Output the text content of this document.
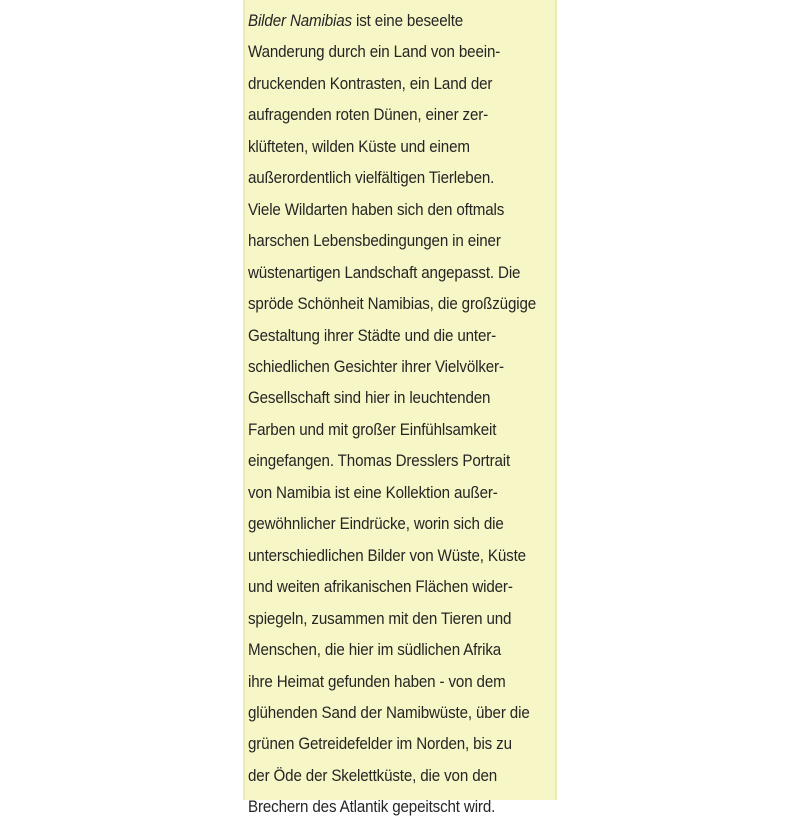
Bilder Namibias ist eine beseelte
Wanderung durch ein Land von beein-
druckenden Kontrasten, ein Land der
aufragenden roten Dünen, einer zer-
klüfteten, wilden Küste und einem
außerordentlich vielfältigen Tierleben.
Viele Wildarten haben sich den oftmals
harschen Lebensbedingungen in einer
wüstenartigen Landschaft angepasst. Die
spröde Schönheit Namibias, die großzügige
Gestaltung ihrer Städte und die unter-
schiedlichen Gesichter ihrer Vielvölker-
Gesellschaft sind hier in leuchtenden
Farben und mit großer Einfühlsamkeit
eingefangen. Thomas Dresslers Portrait
von Namibia ist eine Kollektion außer-
gewöhnlicher Eindrücke, worin sich die
unterschiedlichen Bilder von Wüste, Küste
und weiten afrikanischen Flächen wider-
spiegeln, zusammen mit den Tieren und
Menschen, die hier im südlichen Afrika
ihre Heimat gefunden haben - von dem
glühenden Sand der Namibwüste, über die
grünen Getreidefelder im Norden, bis zu
der Öde der Skelettküste, die von den
Brechern des Atlantik gepeitscht wird.
